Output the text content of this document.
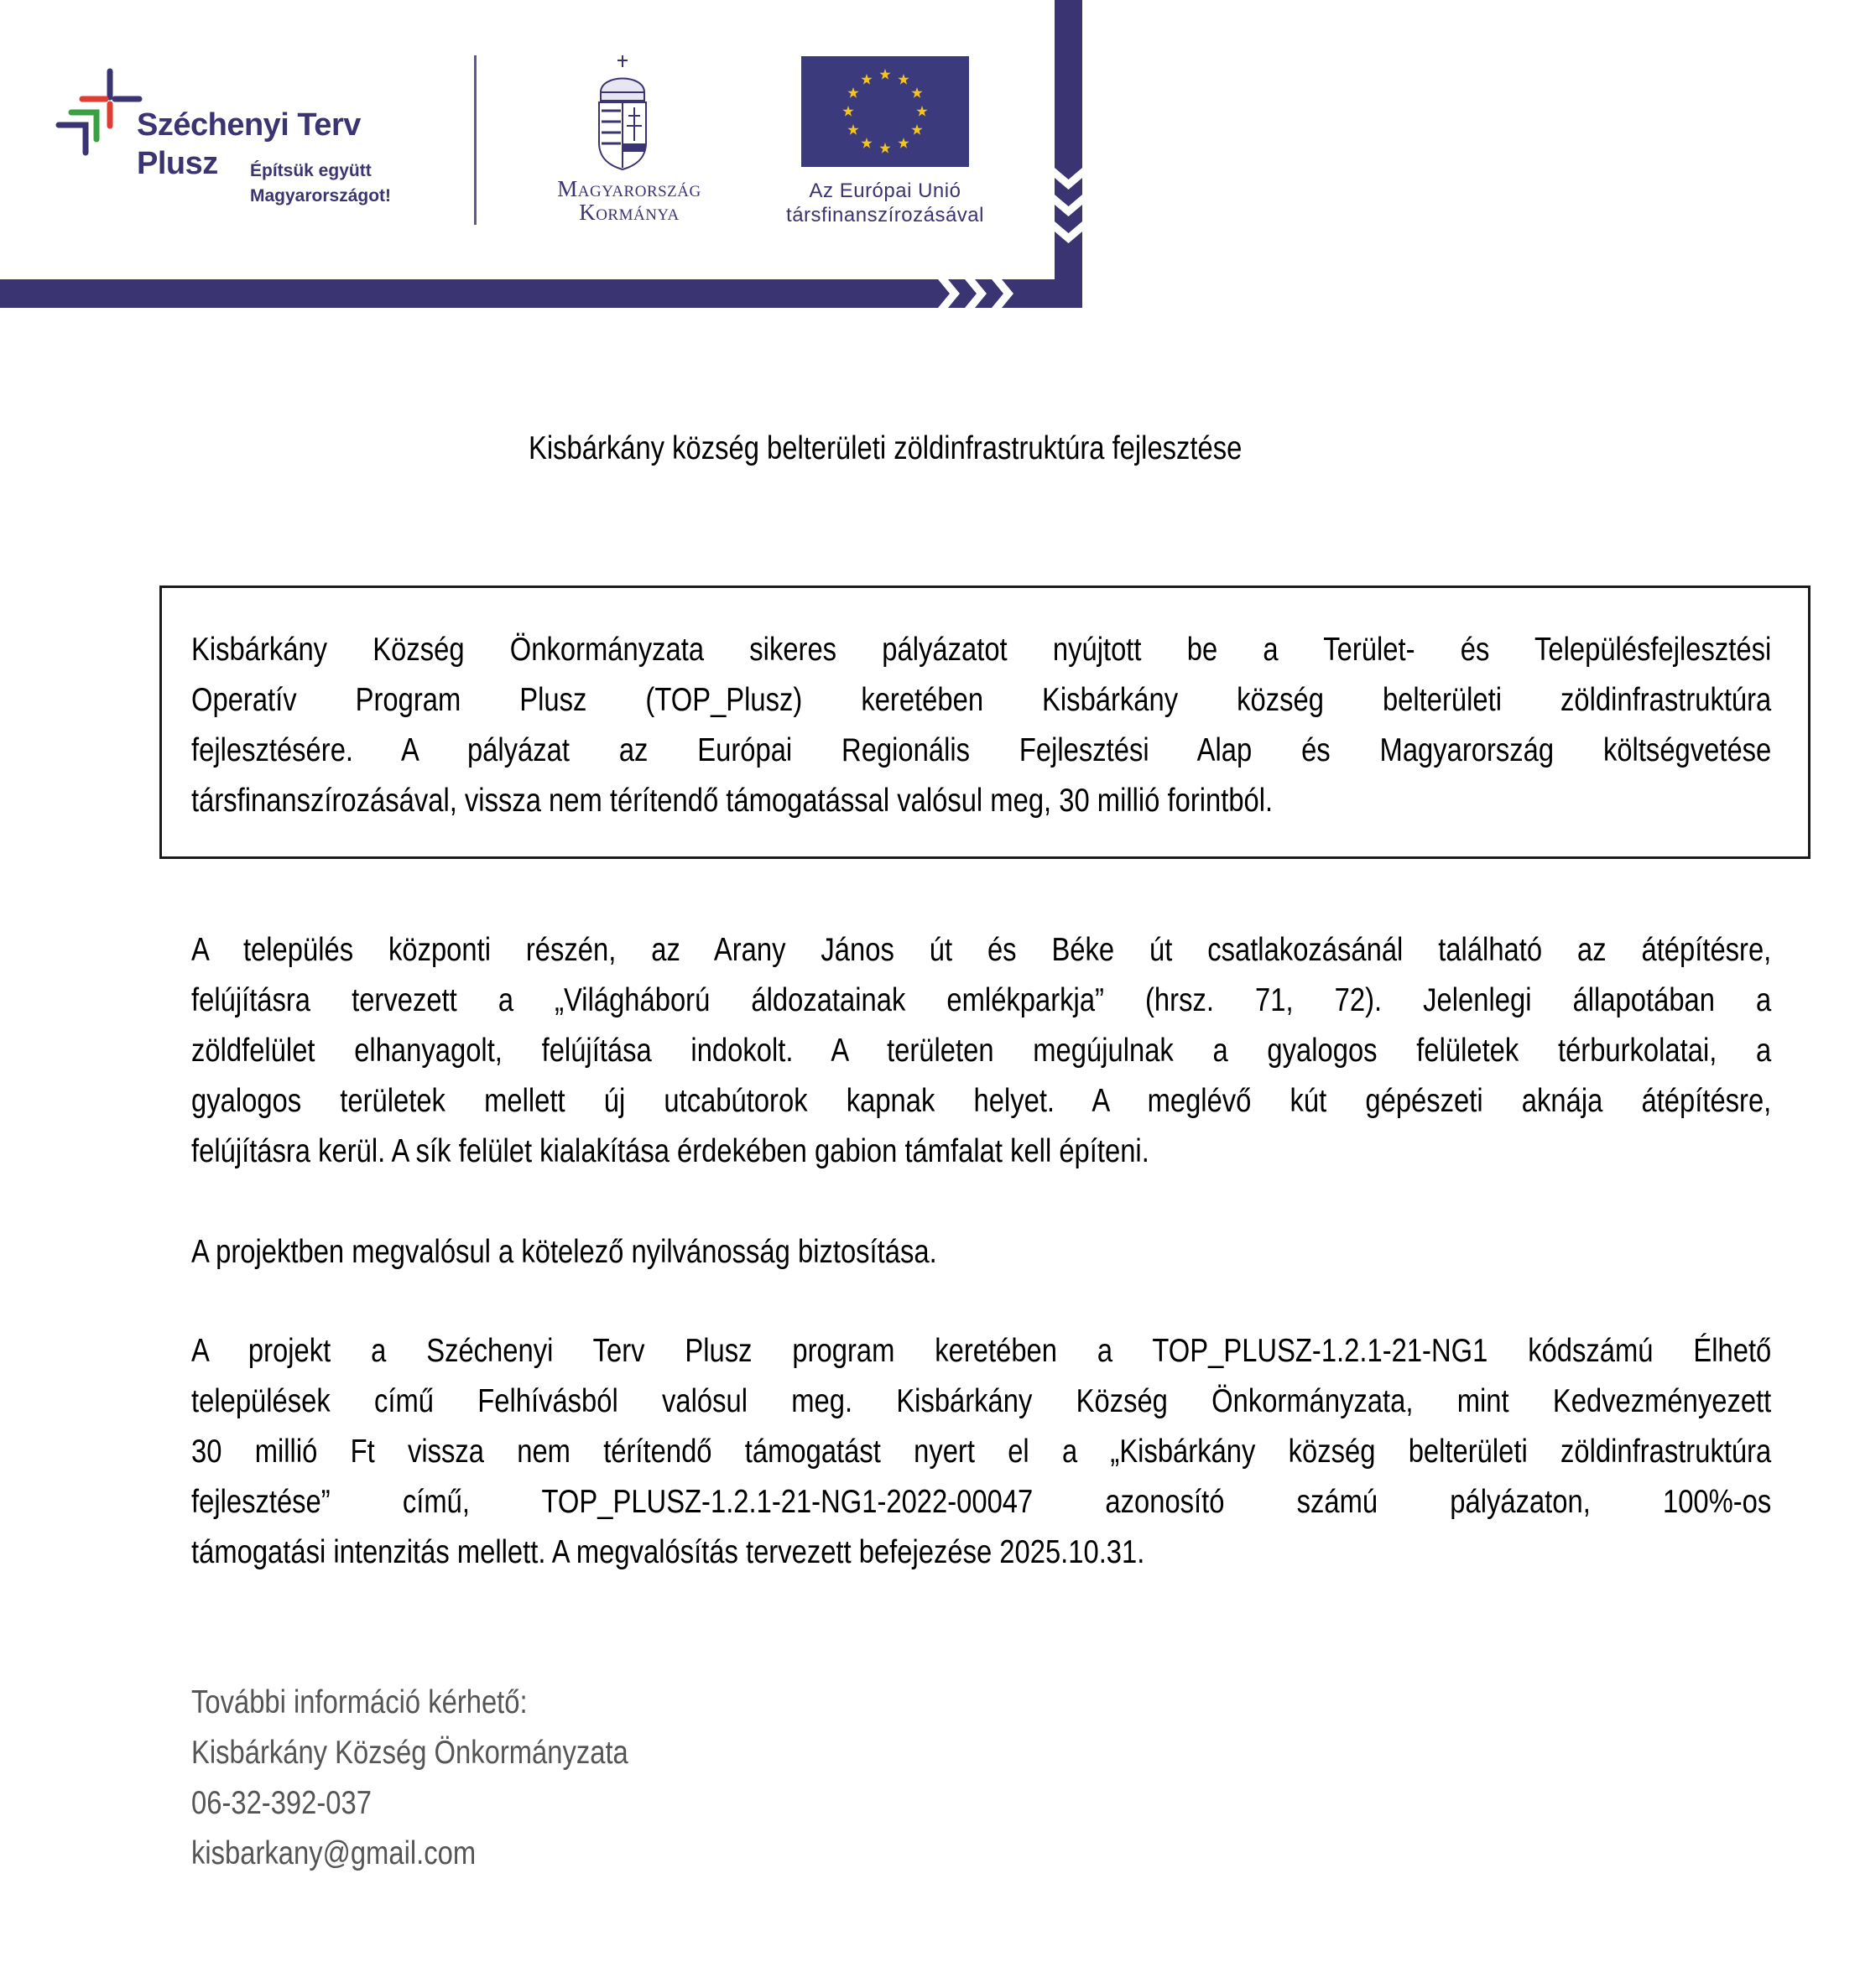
Széchenyi Terv
Plusz Építsük együtt
Magyarországot!	Magyarország
Kormánya
Az Európai Unió
társfinanszírozásával
Kisbárkány község belterületi zöldinfrastruktúra fejlesztése
Kisbárkány Község Önkormányzata sikeres pályázatot nyújtott be a Terület- és Településfejlesztési
Operatív Program Plusz (TOP_Plusz) keretében Kisbárkány község belterületi zöldinfrastruktúra
fejlesztésére. A pályázat az Európai Regionális Fejlesztési Alap és Magyarország költségvetése
társfinanszírozásával, vissza nem térítendő támogatással valósul meg, 30 millió forintból.
A település központi részén, az Arany János út és Béke út csatlakozásánál található az átépítésre,
felújításra tervezett a „Világháború áldozatainak emlékparkja” (hrsz. 71, 72). Jelenlegi állapotában a
zöldfelület elhanyagolt, felújítása indokolt. A területen megújulnak a gyalogos felületek térburkolatai, a
gyalogos területek mellett új utcabútorok kapnak helyet. A meglévő kút gépészeti aknája átépítésre,
felújításra kerül. A sík felület kialakítása érdekében gabion támfalat kell építeni.
A projektben megvalósul a kötelező nyilvánosság biztosítása.
A projekt a Széchenyi Terv Plusz program keretében a TOP_PLUSZ-1.2.1-21-NG1 kódszámú Élhető
települések című Felhívásból valósul meg. Kisbárkány Község Önkormányzata, mint Kedvezményezett
30 millió Ft vissza nem térítendő támogatást nyert el a „Kisbárkány község belterületi zöldinfrastruktúra
fejlesztése” című, TOP_PLUSZ-1.2.1-21-NG1-2022-00047 azonosító számú pályázaton, 100%-os
támogatási intenzitás mellett. A megvalósítás tervezett befejezése 2025.10.31.
További információ kérhető:
Kisbárkány Község Önkormányzata
06-32-392-037
kisbarkany@gmail.com
